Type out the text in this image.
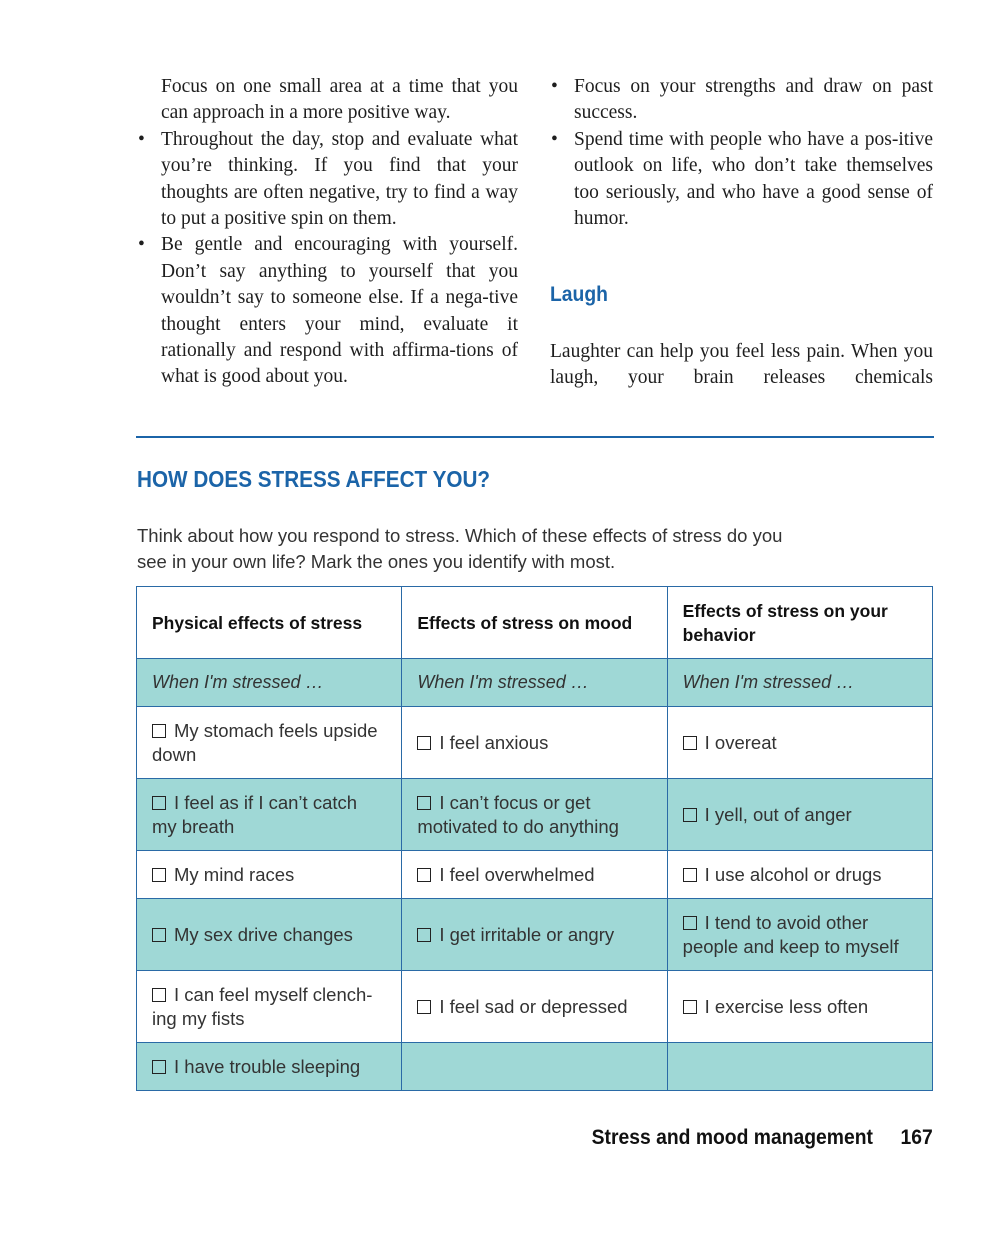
Focus on one small area at a time that you can approach in a more positive way.

• Throughout the day, stop and evaluate what you’re thinking. If you find that your thoughts are often negative, try to find a way to put a positive spin on them.
• Be gentle and encouraging with yourself. Don’t say anything to yourself that you wouldn’t say to someone else. If a nega-tive thought enters your mind, evaluate it rationally and respond with affirma-tions of what is good about you.
• Focus on your strengths and draw on past success.
• Spend time with people who have a pos-itive outlook on life, who don’t take themselves too seriously, and who have a good sense of humor.
Laugh

Laughter can help you feel less pain. When you laugh, your brain releases chemicals

HOW DOES STRESS AFFECT YOU?

Think about how you respond to stress. Which of these effects of stress do you
see in your own life? Mark the ones you identify with most.

Physical effects of stress	Effects of stress on mood	Effects of stress on your behavior
When I'm stressed …	When I'm stressed …	When I'm stressed …
My stomach feels upside down	I feel anxious	I overeat
I feel as if I can’t catch my breath	I can’t focus or get motivated to do anything	I yell, out of anger
My mind races	I feel overwhelmed	I use alcohol or drugs
My sex drive changes	I get irritable or angry	I tend to avoid other people and keep to myself
I can feel myself clench-ing my fists	I feel sad or depressed	I exercise less often
I have trouble sleeping		
Stress and mood management 167
